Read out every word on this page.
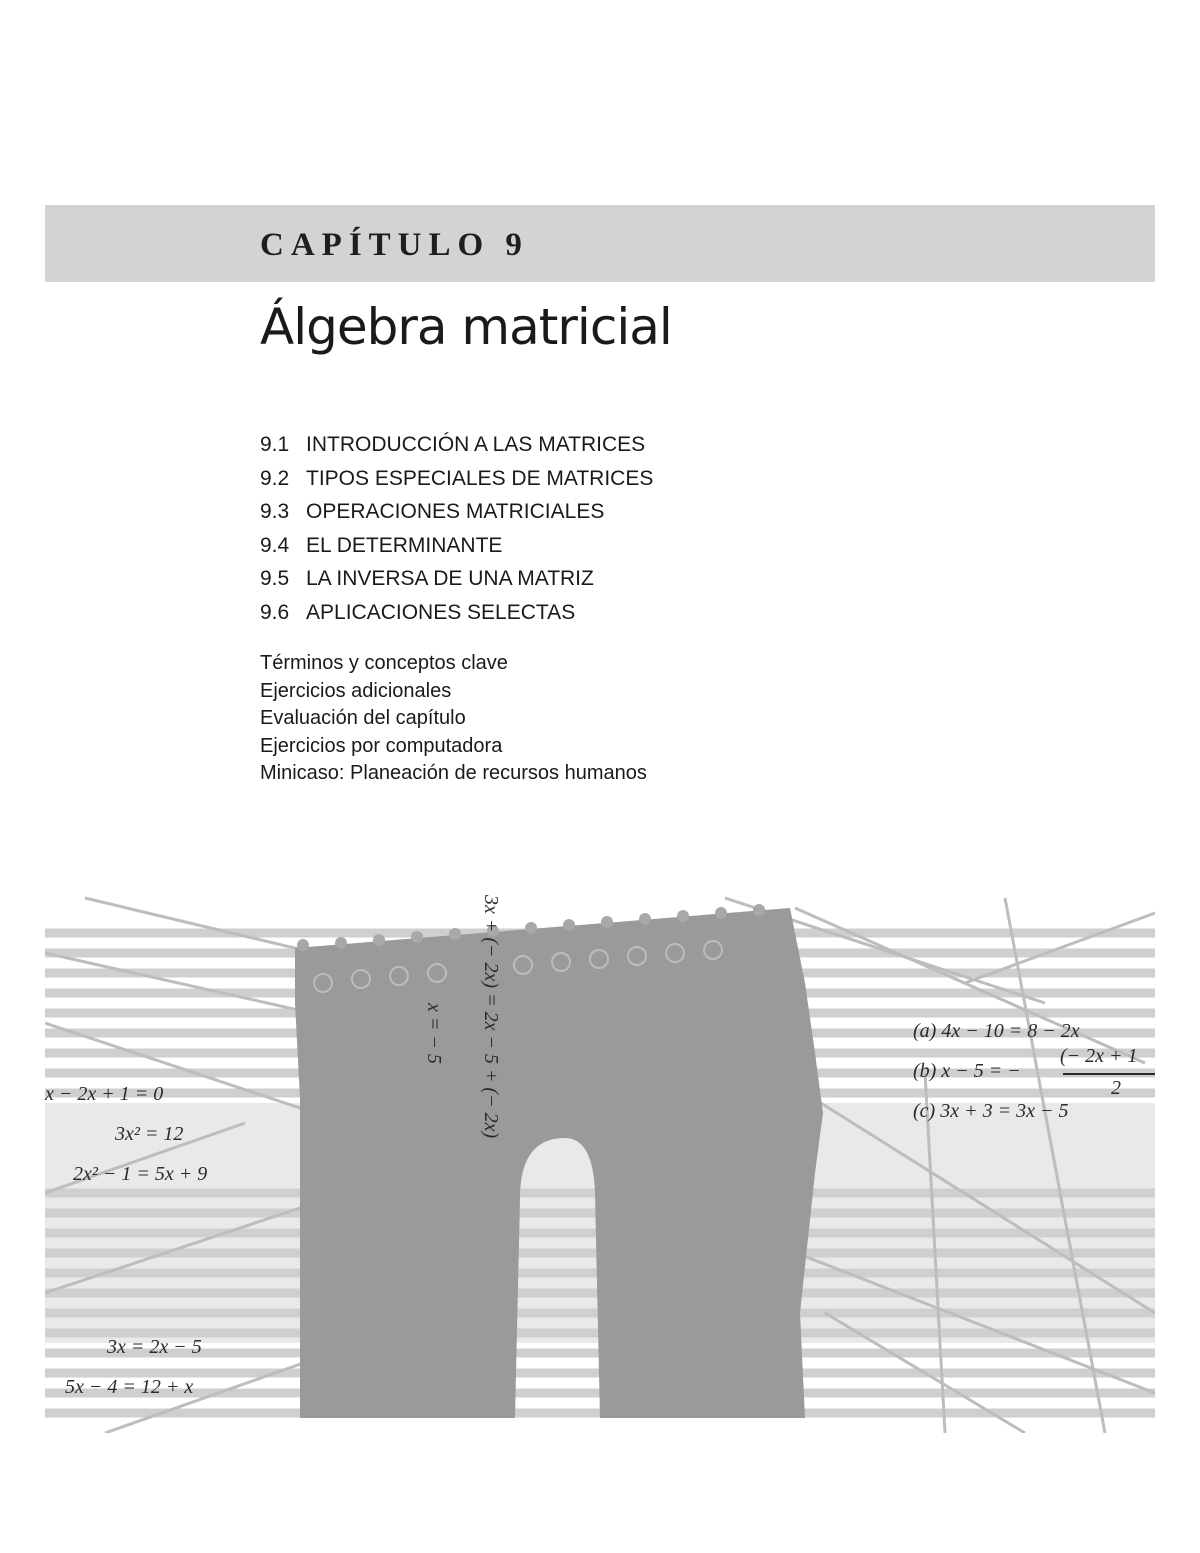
CAPÍTULO 9
Álgebra matricial
9.1 INTRODUCCIÓN A LAS MATRICES
9.2 TIPOS ESPECIALES DE MATRICES
9.3 OPERACIONES MATRICIALES
9.4 EL DETERMINANTE
9.5 LA INVERSA DE UNA MATRIZ
9.6 APLICACIONES SELECTAS
Términos y conceptos clave
Ejercicios adicionales
Evaluación del capítulo
Ejercicios por computadora
Minicaso: Planeación de recursos humanos
x − 2x + 1 = 0
3x² = 12
2x² − 1 = 5x + 9
3x = 2x − 5
5x − 4 = 12 + x
3x + (− 2x) = 2x − 5 + (− 2x)
x = − 5	(a) 4x − 10 = 8 − 2x
(b) x − 5 = −
(− 2x + 1
2
(c) 3x + 3 = 3x − 5
